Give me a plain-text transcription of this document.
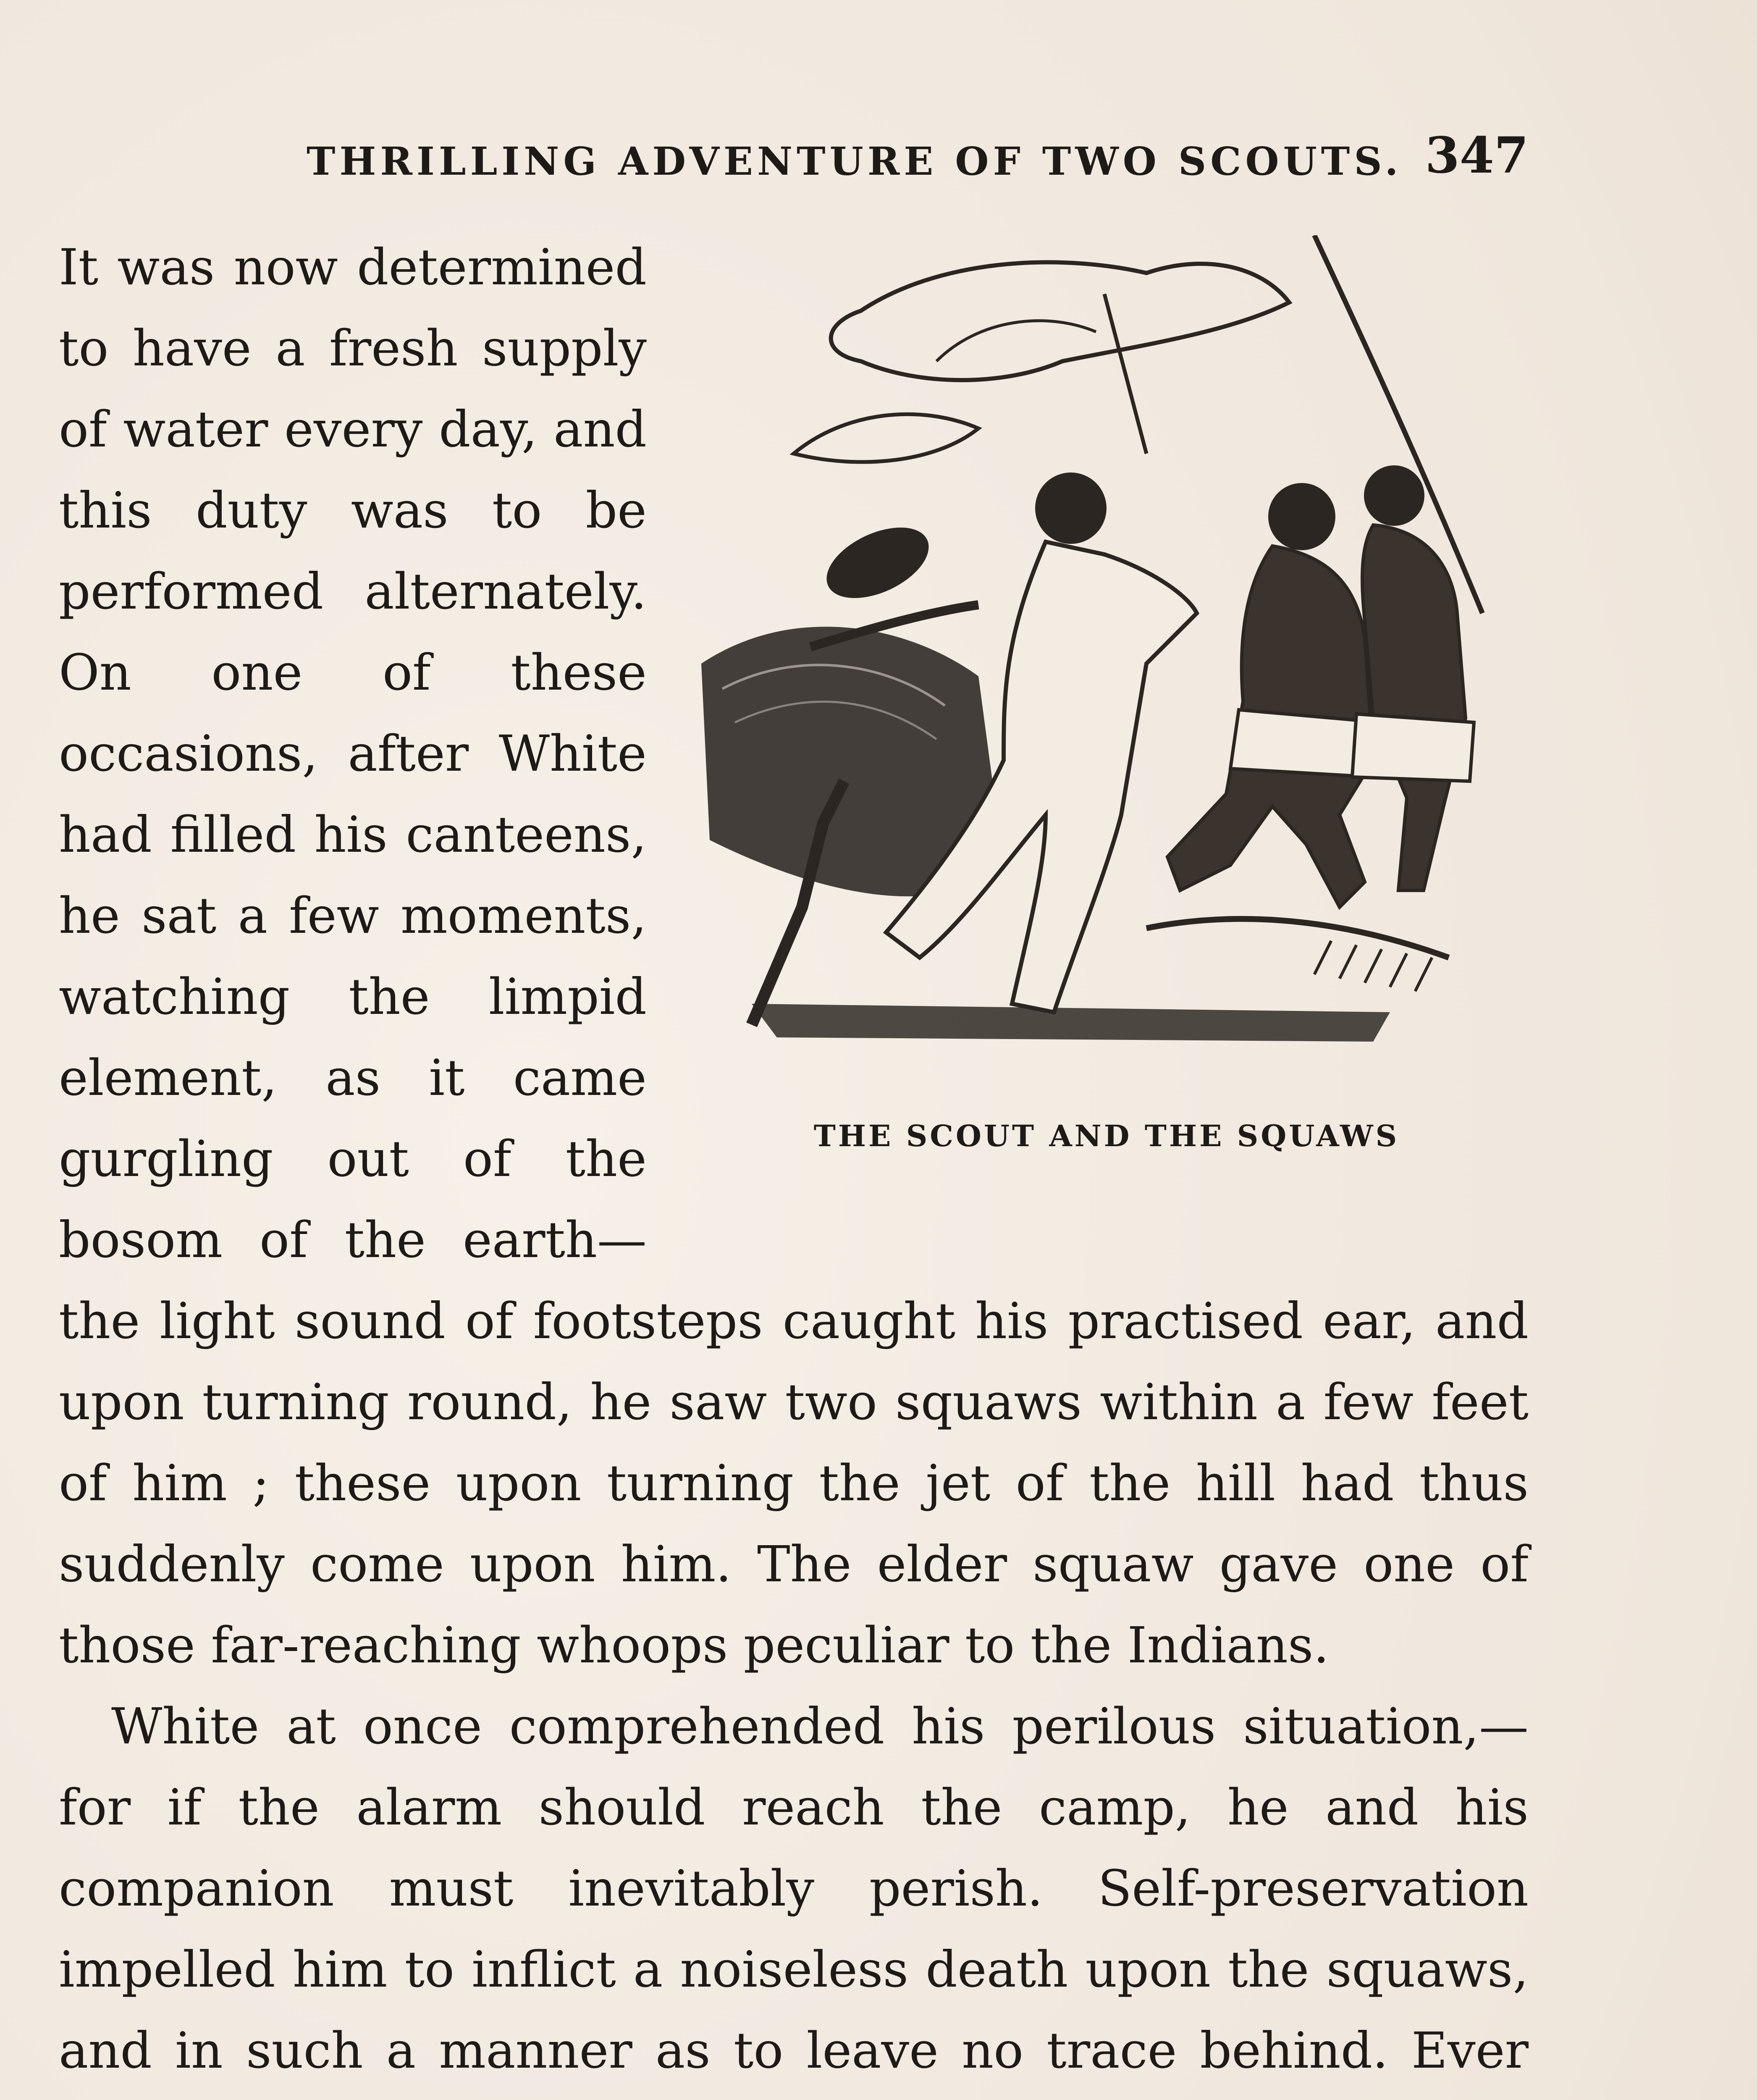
THRILLING ADVENTURE OF TWO SCOUTS. 347

THE SCOUT AND THE SQUAWS
It was now determined to have a fresh supply of water every day, and this duty was to be performed alternately. On one of these occasions, after White had filled his canteens, he sat a few moments, watching the limpid element, as it came gurgling out of the bosom of the earth—the light sound of footsteps caught his practised ear, and upon turning round, he saw two squaws within a few feet of him ; these upon turning the jet of the hill had thus suddenly come upon him. The elder squaw gave one of those far-reaching whoops peculiar to the Indians.

White at once comprehended his perilous situation,—for if the alarm should reach the camp, he and his companion must inevitably perish. Self-preservation impelled him to inflict a noiseless death upon the squaws, and in such a manner as to leave no trace behind. Ever
